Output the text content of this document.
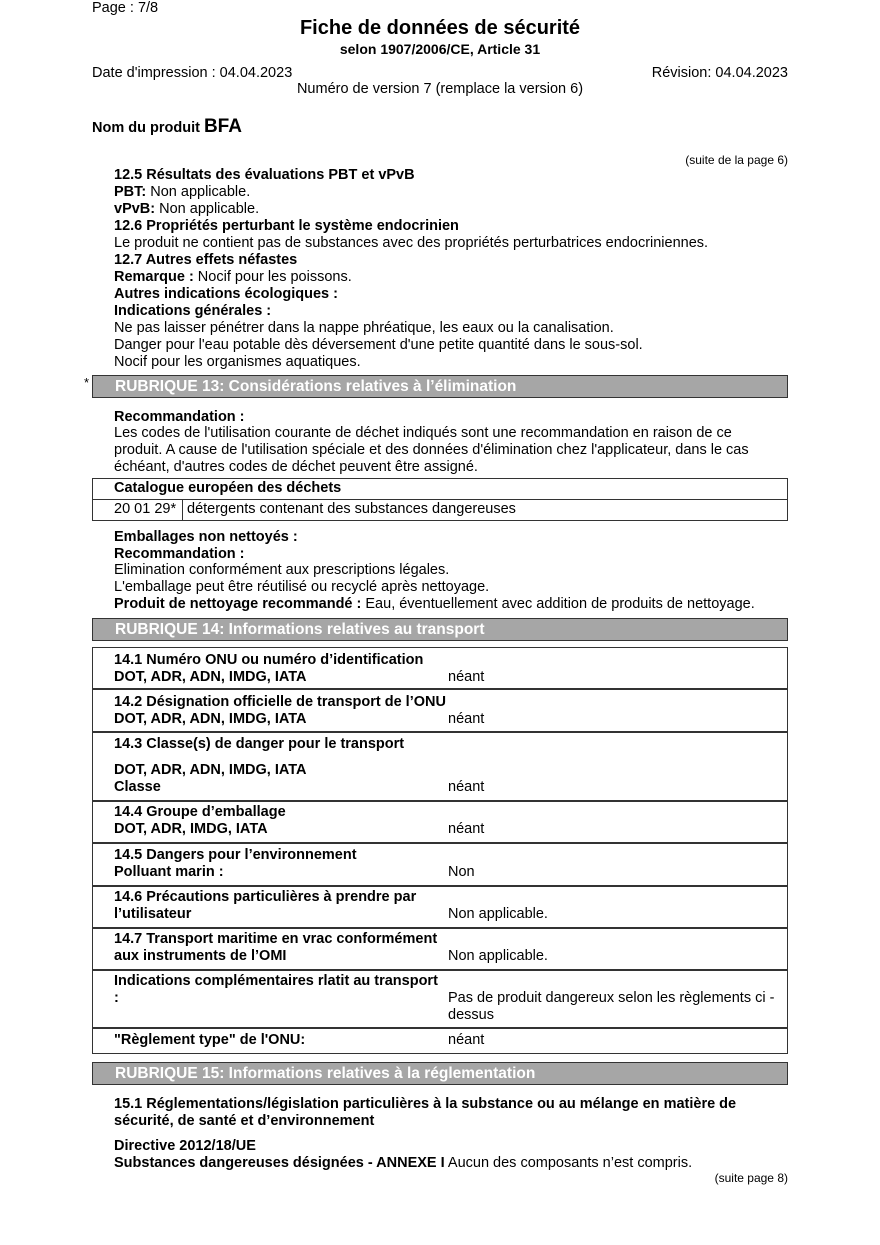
Page : 7/8
Fiche de données de sécurité
selon 1907/2006/CE, Article 31
Date d'impression : 04.04.2023	Révision: 04.04.2023
Numéro de version 7 (remplace la version 6)
Nom du produit BFA
(suite de la page 6)
12.5 Résultats des évaluations PBT et vPvB
PBT: Non applicable.
vPvB: Non applicable.
12.6 Propriétés perturbant le système endocrinien
Le produit ne contient pas de substances avec des propriétés perturbatrices endocriniennes.
12.7 Autres effets néfastes
Remarque : Nocif pour les poissons.
Autres indications écologiques :
Indications générales :
Ne pas laisser pénétrer dans la nappe phréatique, les eaux ou la canalisation.
Danger pour l'eau potable dès déversement d'une petite quantité dans le sous-sol.
Nocif pour les organismes aquatiques.
*	RUBRIQUE 13: Considérations relatives à l’élimination
Recommandation :
Les codes de l'utilisation courante de déchet indiqués sont une recommandation en raison de ce
produit. A cause de l'utilisation spéciale et des données d'élimination chez l'applicateur, dans le cas
échéant, d'autres codes de déchet peuvent être assigné.
Catalogue européen des déchets
20 01 29* détergents contenant des substances dangereuses
Emballages non nettoyés :
Recommandation :
Elimination conformément aux prescriptions légales.
L'emballage peut être réutilisé ou recyclé après nettoyage.
Produit de nettoyage recommandé : Eau, éventuellement avec addition de produits de nettoyage.
RUBRIQUE 14: Informations relatives au transport
14.1 Numéro ONU ou numéro d’identification
DOT, ADR, ADN, IMDG, IATA	néant
14.2 Désignation officielle de transport de l’ONU
DOT, ADR, ADN, IMDG, IATA	néant
14.3 Classe(s) de danger pour le transport
DOT, ADR, ADN, IMDG, IATA
Classe	néant
14.4 Groupe d’emballage
DOT, ADR, IMDG, IATA	néant
14.5 Dangers pour l’environnement
Polluant marin :	Non
14.6 Précautions particulières à prendre par
l’utilisateur	Non applicable.
14.7 Transport maritime en vrac conformément
aux instruments de l’OMI	Non applicable.
Indications complémentaires rlatit au transport
:	Pas de produit dangereux selon les règlements ci -
dessus
"Règlement type" de l'ONU:	néant
RUBRIQUE 15: Informations relatives à la réglementation
15.1 Réglementations/législation particulières à la substance ou au mélange en matière de
sécurité, de santé et d’environnement
Directive 2012/18/UE
Substances dangereuses désignées - ANNEXE I Aucun des composants n’est compris.
(suite page 8)
